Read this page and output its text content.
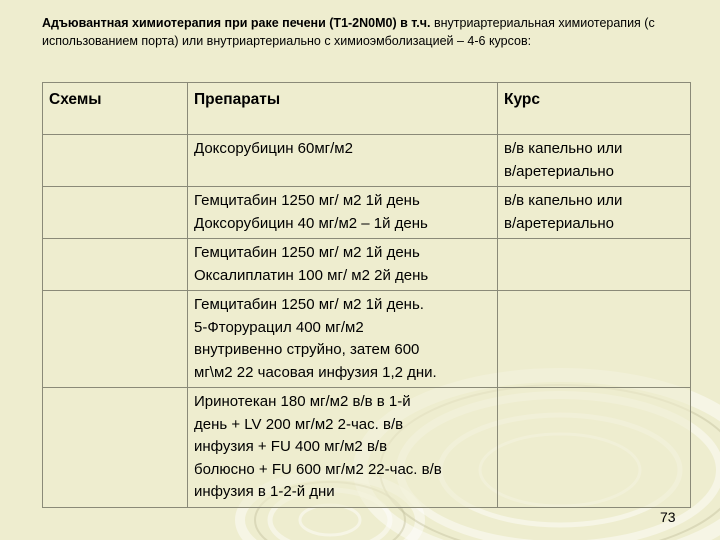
Адъювантная химиотерапия при раке печени (Т1-2N0M0) в т.ч. внутриартериальная химиотерапия (с использованием порта) или внутриартериально с химиоэмболизацией – 4-6 курсов:
Схемы	Препараты	Курс
	Доксорубицин 60мг/м2	в/в капельно или
в/аретериально
	Гемцитабин 1250 мг/ м2 1й день
Доксорубицин 40 мг/м2 – 1й день	в/в капельно или
в/аретериально
	Гемцитабин 1250 мг/ м2 1й день
Оксалиплатин 100 мг/ м2 2й день	
	Гемцитабин 1250 мг/ м2 1й день.
5-Фторурацил 400 мг/м2
внутривенно струйно, затем 600
мг\м2 22 часовая инфузия 1,2 дни.	
	Иринотекан 180 мг/м2 в/в в 1-й
день + LV 200 мг/м2 2-час. в/в
инфузия + FU 400 мг/м2 в/в
болюсно + FU 600 мг/м2 22-час. в/в
инфузия в 1-2-й дни	
73
